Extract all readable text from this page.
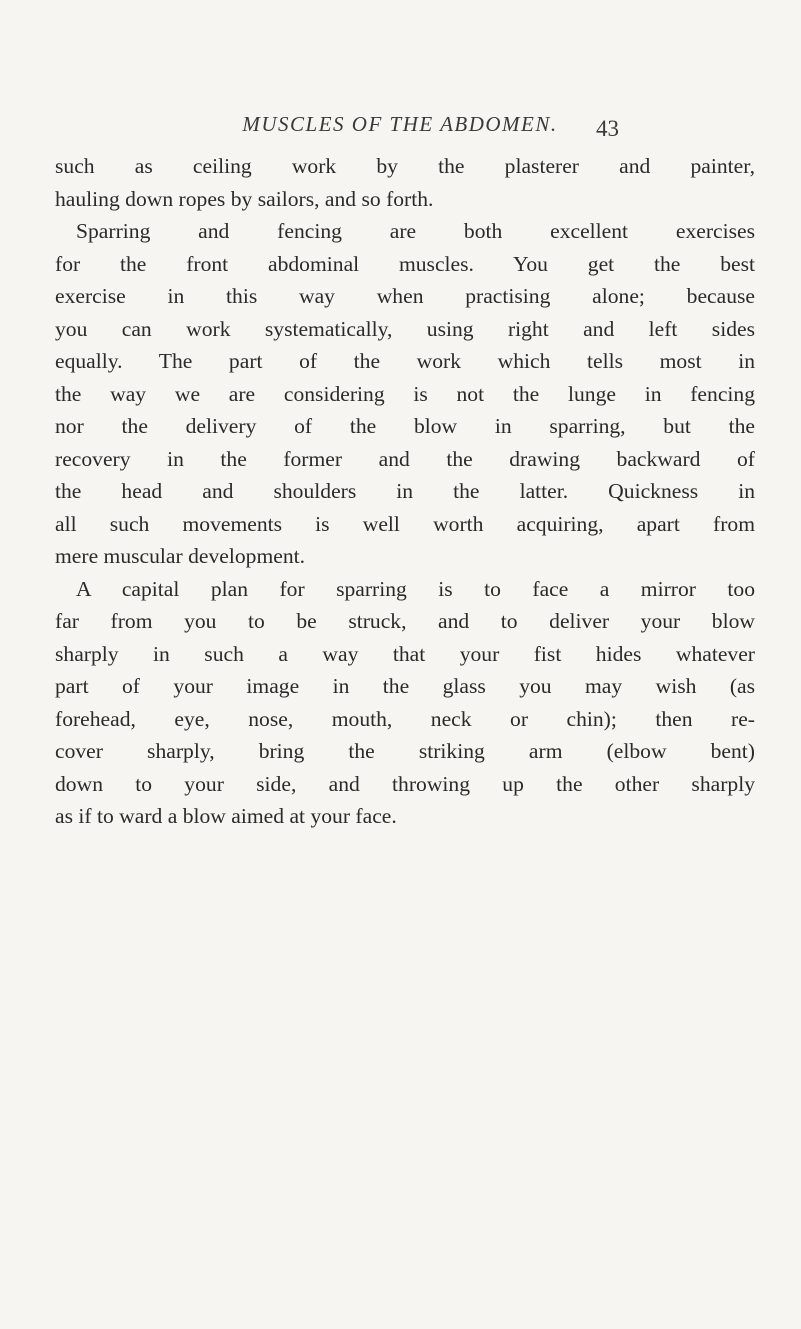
MUSCLES OF THE ABDOMEN.	43
such as ceiling work by the plasterer and painter,
hauling down ropes by sailors, and so forth.
Sparring and fencing are both excellent exercises
for the front abdominal muscles. You get the best
exercise in this way when practising alone; because
you can work systematically, using right and left sides
equally. The part of the work which tells most in
the way we are considering is not the lunge in fencing
nor the delivery of the blow in sparring, but the
recovery in the former and the drawing backward of
the head and shoulders in the latter. Quickness in
all such movements is well worth acquiring, apart from
mere muscular development.
A capital plan for sparring is to face a mirror too
far from you to be struck, and to deliver your blow
sharply in such a way that your fist hides whatever
part of your image in the glass you may wish (as
forehead, eye, nose, mouth, neck or chin); then re-
cover sharply, bring the striking arm (elbow bent)
down to your side, and throwing up the other sharply
as if to ward a blow aimed at your face.
